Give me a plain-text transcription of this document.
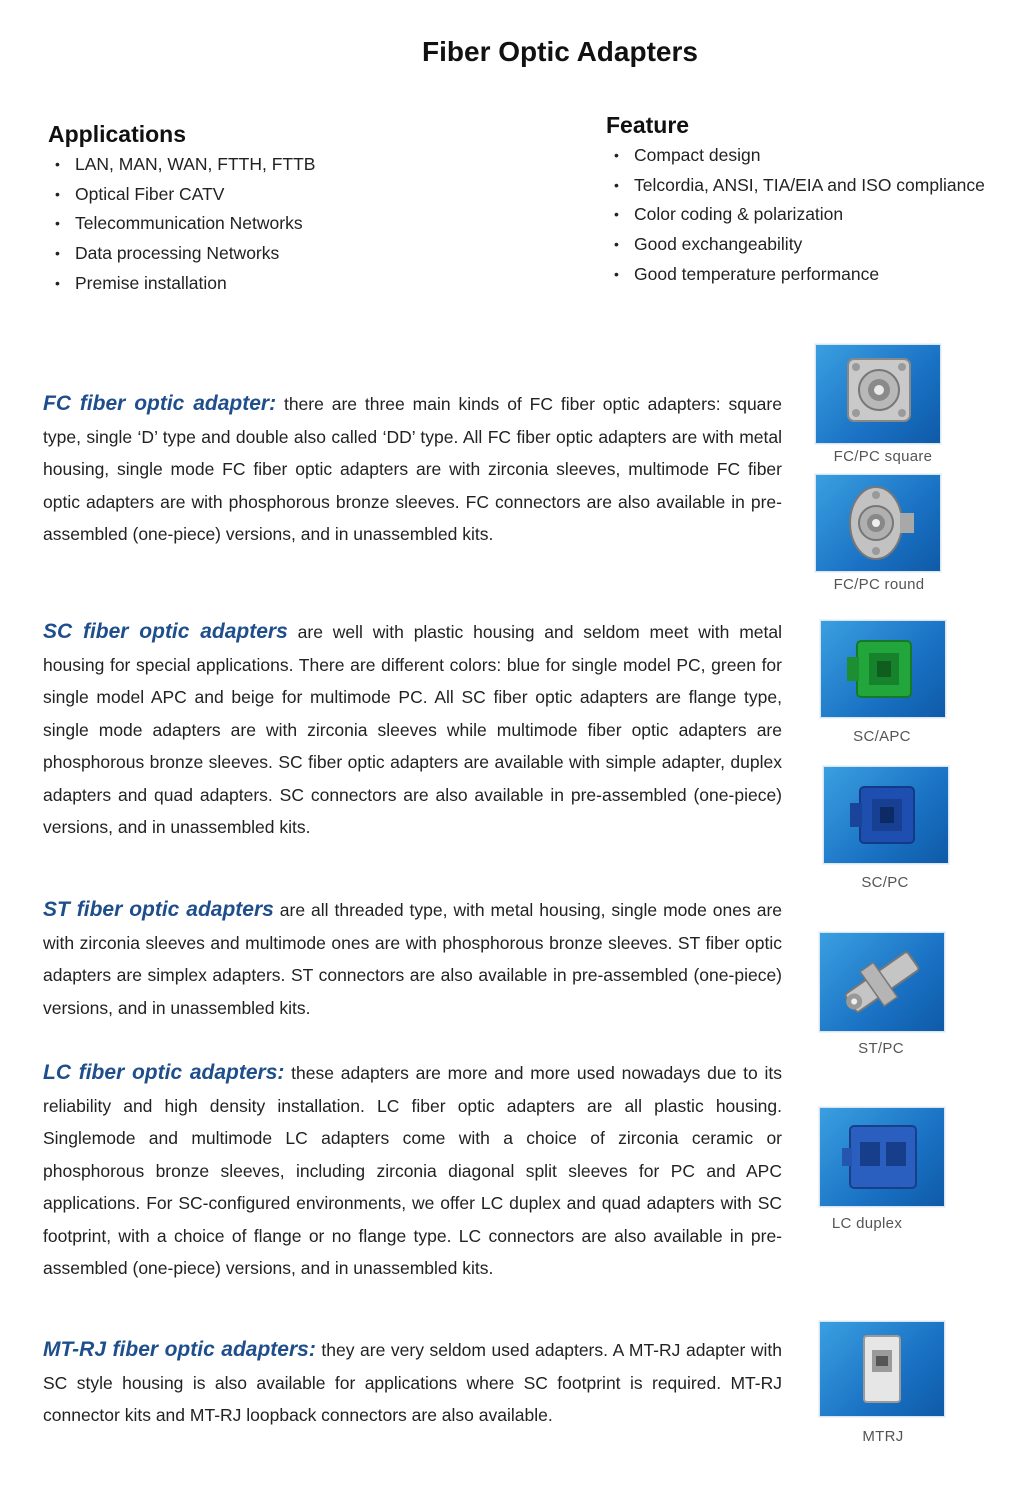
Fiber Optic Adapters
Applications
• LAN, MAN, WAN, FTTH, FTTB
• Optical Fiber CATV
• Telecommunication Networks
• Data processing Networks
• Premise installation
Feature
• Compact design
• Telcordia, ANSI, TIA/EIA and ISO compliance
• Color coding & polarization
• Good exchangeability
• Good temperature performance

FC fiber optic adapter: there are three main kinds of FC fiber optic adapters: square type, single ‘D’ type and double also called ‘DD’ type. All FC fiber optic adapters are with metal housing, single mode FC fiber optic adapters are with zirconia sleeves, multimode FC fiber optic adapters are with phosphorous bronze sleeves. FC connectors are also available in pre-assembled (one-piece) versions, and in unassembled kits.

SC fiber optic adapters are well with plastic housing and seldom meet with metal housing for special applications. There are different colors: blue for single model PC, green for single model APC and beige for multimode PC. All SC fiber optic adapters are flange type, single mode adapters are with zirconia sleeves while multimode fiber optic adapters are phosphorous bronze sleeves. SC fiber optic adapters are available with simple adapter, duplex adapters and quad adapters. SC connectors are also available in pre-assembled (one-piece) versions, and in unassembled kits.

ST fiber optic adapters are all threaded type, with metal housing, single mode ones are with zirconia sleeves and multimode ones are with phosphorous bronze sleeves. ST fiber optic adapters are simplex adapters. ST connectors are also available in pre-assembled (one-piece) versions, and in unassembled kits.

LC fiber optic adapters: these adapters are more and more used nowadays due to its reliability and high density installation. LC fiber optic adapters are all plastic housing. Singlemode and multimode LC adapters come with a choice of zirconia ceramic or phosphorous bronze sleeves, including zirconia diagonal split sleeves for PC and APC applications. For SC-configured environments, we offer LC duplex and quad adapters with SC footprint, with a choice of flange or no flange type. LC connectors are also available in pre-assembled (one-piece) versions, and in unassembled kits.

MT-RJ fiber optic adapters: they are very seldom used adapters. A MT-RJ adapter with SC style housing is also available for applications where SC footprint is required. MT-RJ connector kits and MT-RJ loopback connectors are also available.

FC/PC square
FC/PC round
SC/APC
SC/PC
ST/PC
LC duplex
MTRJ
